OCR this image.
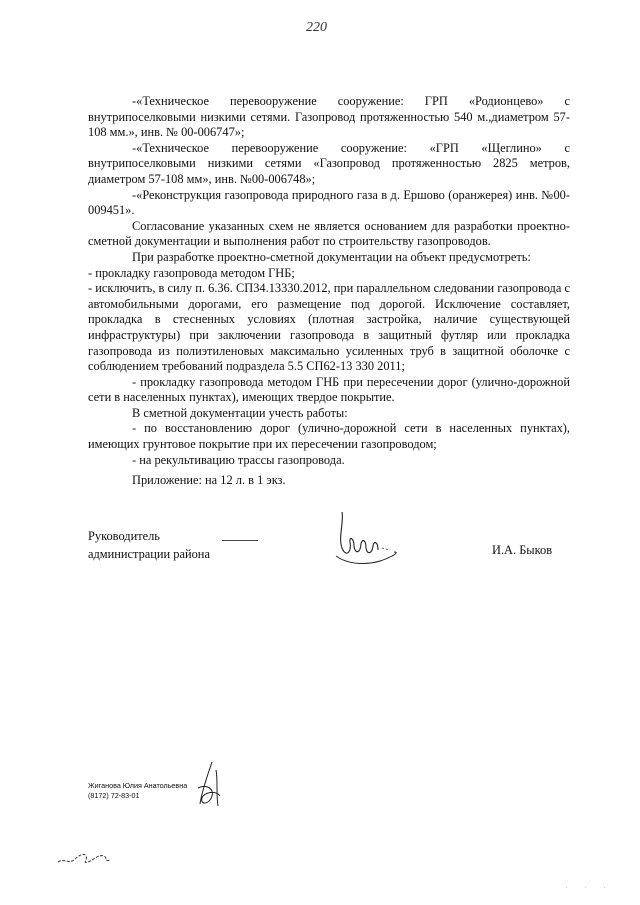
220

-«Техническое перевооружение сооружение: ГРП «Родионцево» с внутрипоселковыми низкими сетями. Газопровод протяженностью 540 м.,диаметром 57-108 мм.», инв. № 00-006747»;

-«Техническое перевооружение сооружение: «ГРП «Щеглино» с внутрипоселковыми низкими сетями «Газопровод протяженностью 2825 метров, диаметром 57-108 мм», инв. №00-006748»;

-«Реконструкция газопровода природного газа в д. Ершово (оранжерея) инв. №00-009451».

Согласование указанных схем не является основанием для разработки проектно-сметной документации и выполнения работ по строительству газопроводов.

При разработке проектно-сметной документации на объект предусмотреть:

- прокладку газопровода методом ГНБ;

- исключить, в силу п. 6.36. СП34.13330.2012, при параллельном следовании газопровода с автомобильными дорогами, его размещение под дорогой. Исключение составляет, прокладка в стесненных условиях (плотная застройка, наличие существующей инфраструктуры) при заключении газопровода в защитный футляр или прокладка газопровода из полиэтиленовых максимально усиленных труб в защитной оболочке с соблюдением требований подраздела 5.5 СП62-13 330 2011;

- прокладку газопровода методом ГНБ при пересечении дорог (улично-дорожной сети в населенных пунктах), имеющих твердое покрытие.

В сметной документации учесть работы:

- по восстановлению дорог (улично-дорожной сети в населенных пунктах), имеющих грунтовое покрытие при их пересечении газопроводом;

- на рекультивацию трассы газопровода.

Приложение: на 12 л. в 1 экз.

Руководитель
администрации района	И.А. Быков
Жиганова Юлия Анатольевна
(8172) 72-83-01
. . .
